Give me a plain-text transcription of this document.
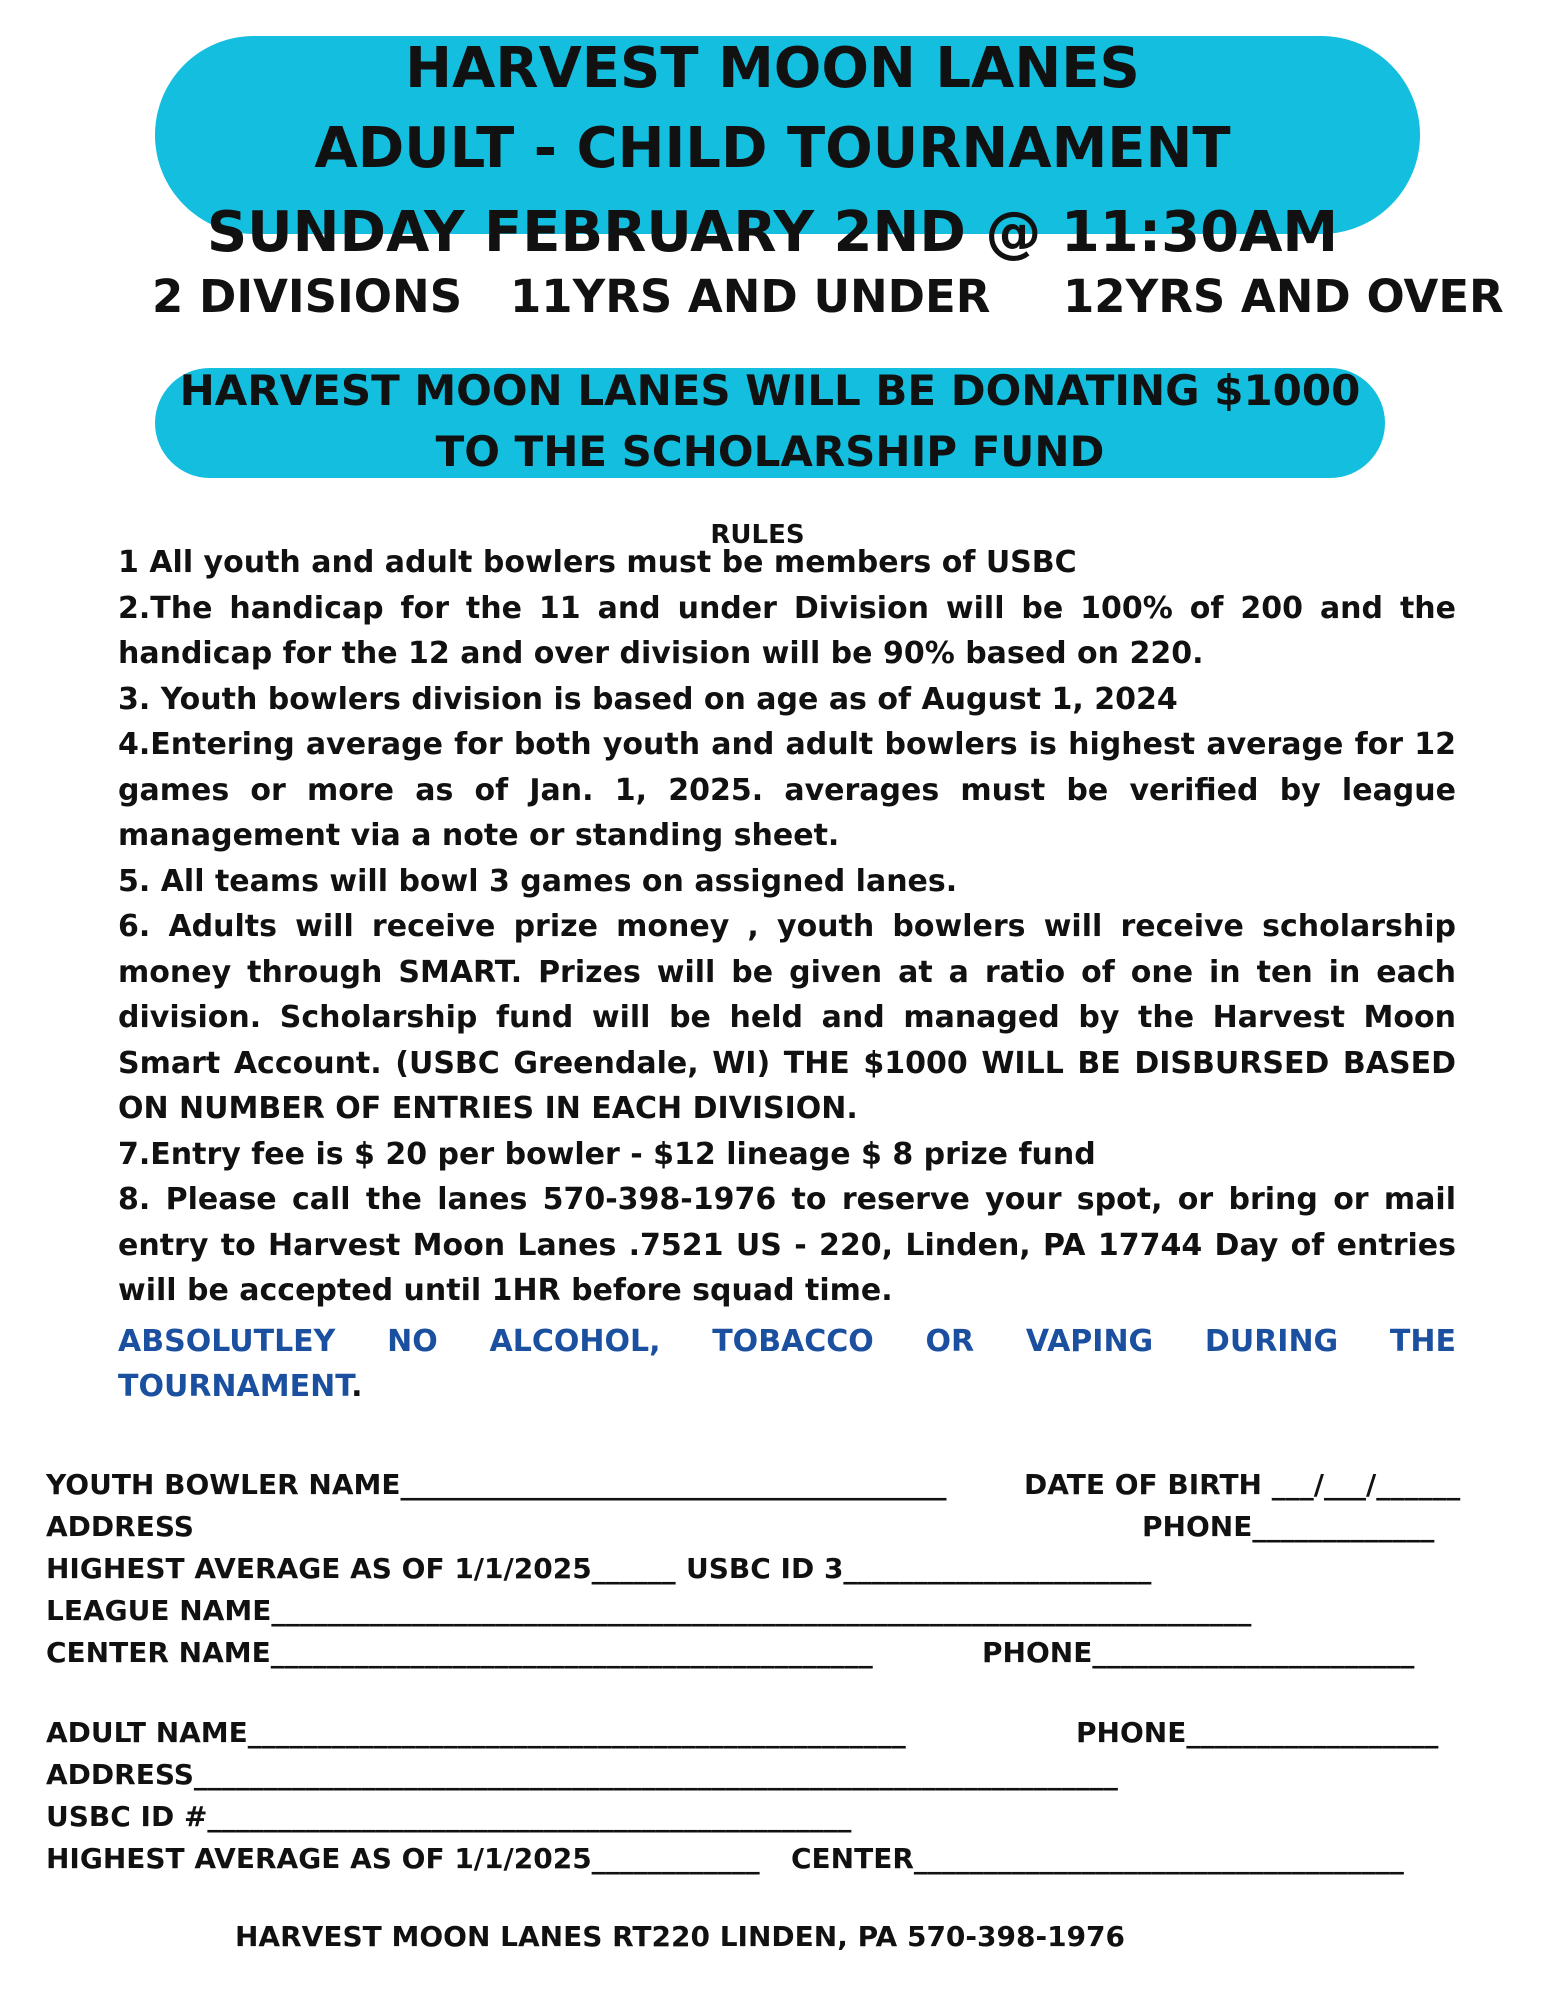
HARVEST MOON LANES
ADULT - CHILD TOURNAMENT
SUNDAY FEBRUARY 2ND @ 11:30AM
2 DIVISIONS 11YRS AND UNDER 12YRS AND OVER
HARVEST MOON LANES WILL BE DONATING $1000
TO THE SCHOLARSHIP FUND
RULES

1 All youth and adult bowlers must be members of USBC

2.The handicap for the 11 and under Division will be 100% of 200 and the handicap for the 12 and over division will be 90% based on 220.

3. Youth bowlers division is based on age as of August 1, 2024

4.Entering average for both youth and adult bowlers is highest average for 12 games or more as of Jan. 1, 2025. averages must be verified by league management via a note or standing sheet.

5. All teams will bowl 3 games on assigned lanes.

6. Adults will receive prize money , youth bowlers will receive scholarship money through SMART. Prizes will be given at a ratio of one in ten in each division. Scholarship fund will be held and managed by the Harvest Moon Smart Account. (USBC Greendale, WI) THE $1000 WILL BE DISBURSED BASED ON NUMBER OF ENTRIES IN EACH DIVISION.

7.Entry fee is $ 20 per bowler - $12 lineage $ 8 prize fund

8. Please call the lanes 570-398-1976 to reserve your spot, or bring or mail entry to Harvest Moon Lanes .7521 US - 220, Linden, PA 17744 Day of entries will be accepted until 1HR before squad time.

ABSOLUTLEY NO ALCOHOL, TOBACCO OR VAPING DURING THE

TOURNAMENT.

YOUTH BOWLER NAME_______________________________________	DATE OF BIRTH ___/___/______
ADDRESS	PHONE_____________
HIGHEST AVERAGE AS OF 1/1/2025______ USBC ID 3______________________
LEAGUE NAME______________________________________________________________________
CENTER NAME___________________________________________	PHONE_______________________
ADULT NAME_______________________________________________	PHONE__________________
ADDRESS__________________________________________________________________
USBC ID #______________________________________________
HIGHEST AVERAGE AS OF 1/1/2025____________ CENTER___________________________________
HARVEST MOON LANES RT220 LINDEN, PA 570-398-1976
